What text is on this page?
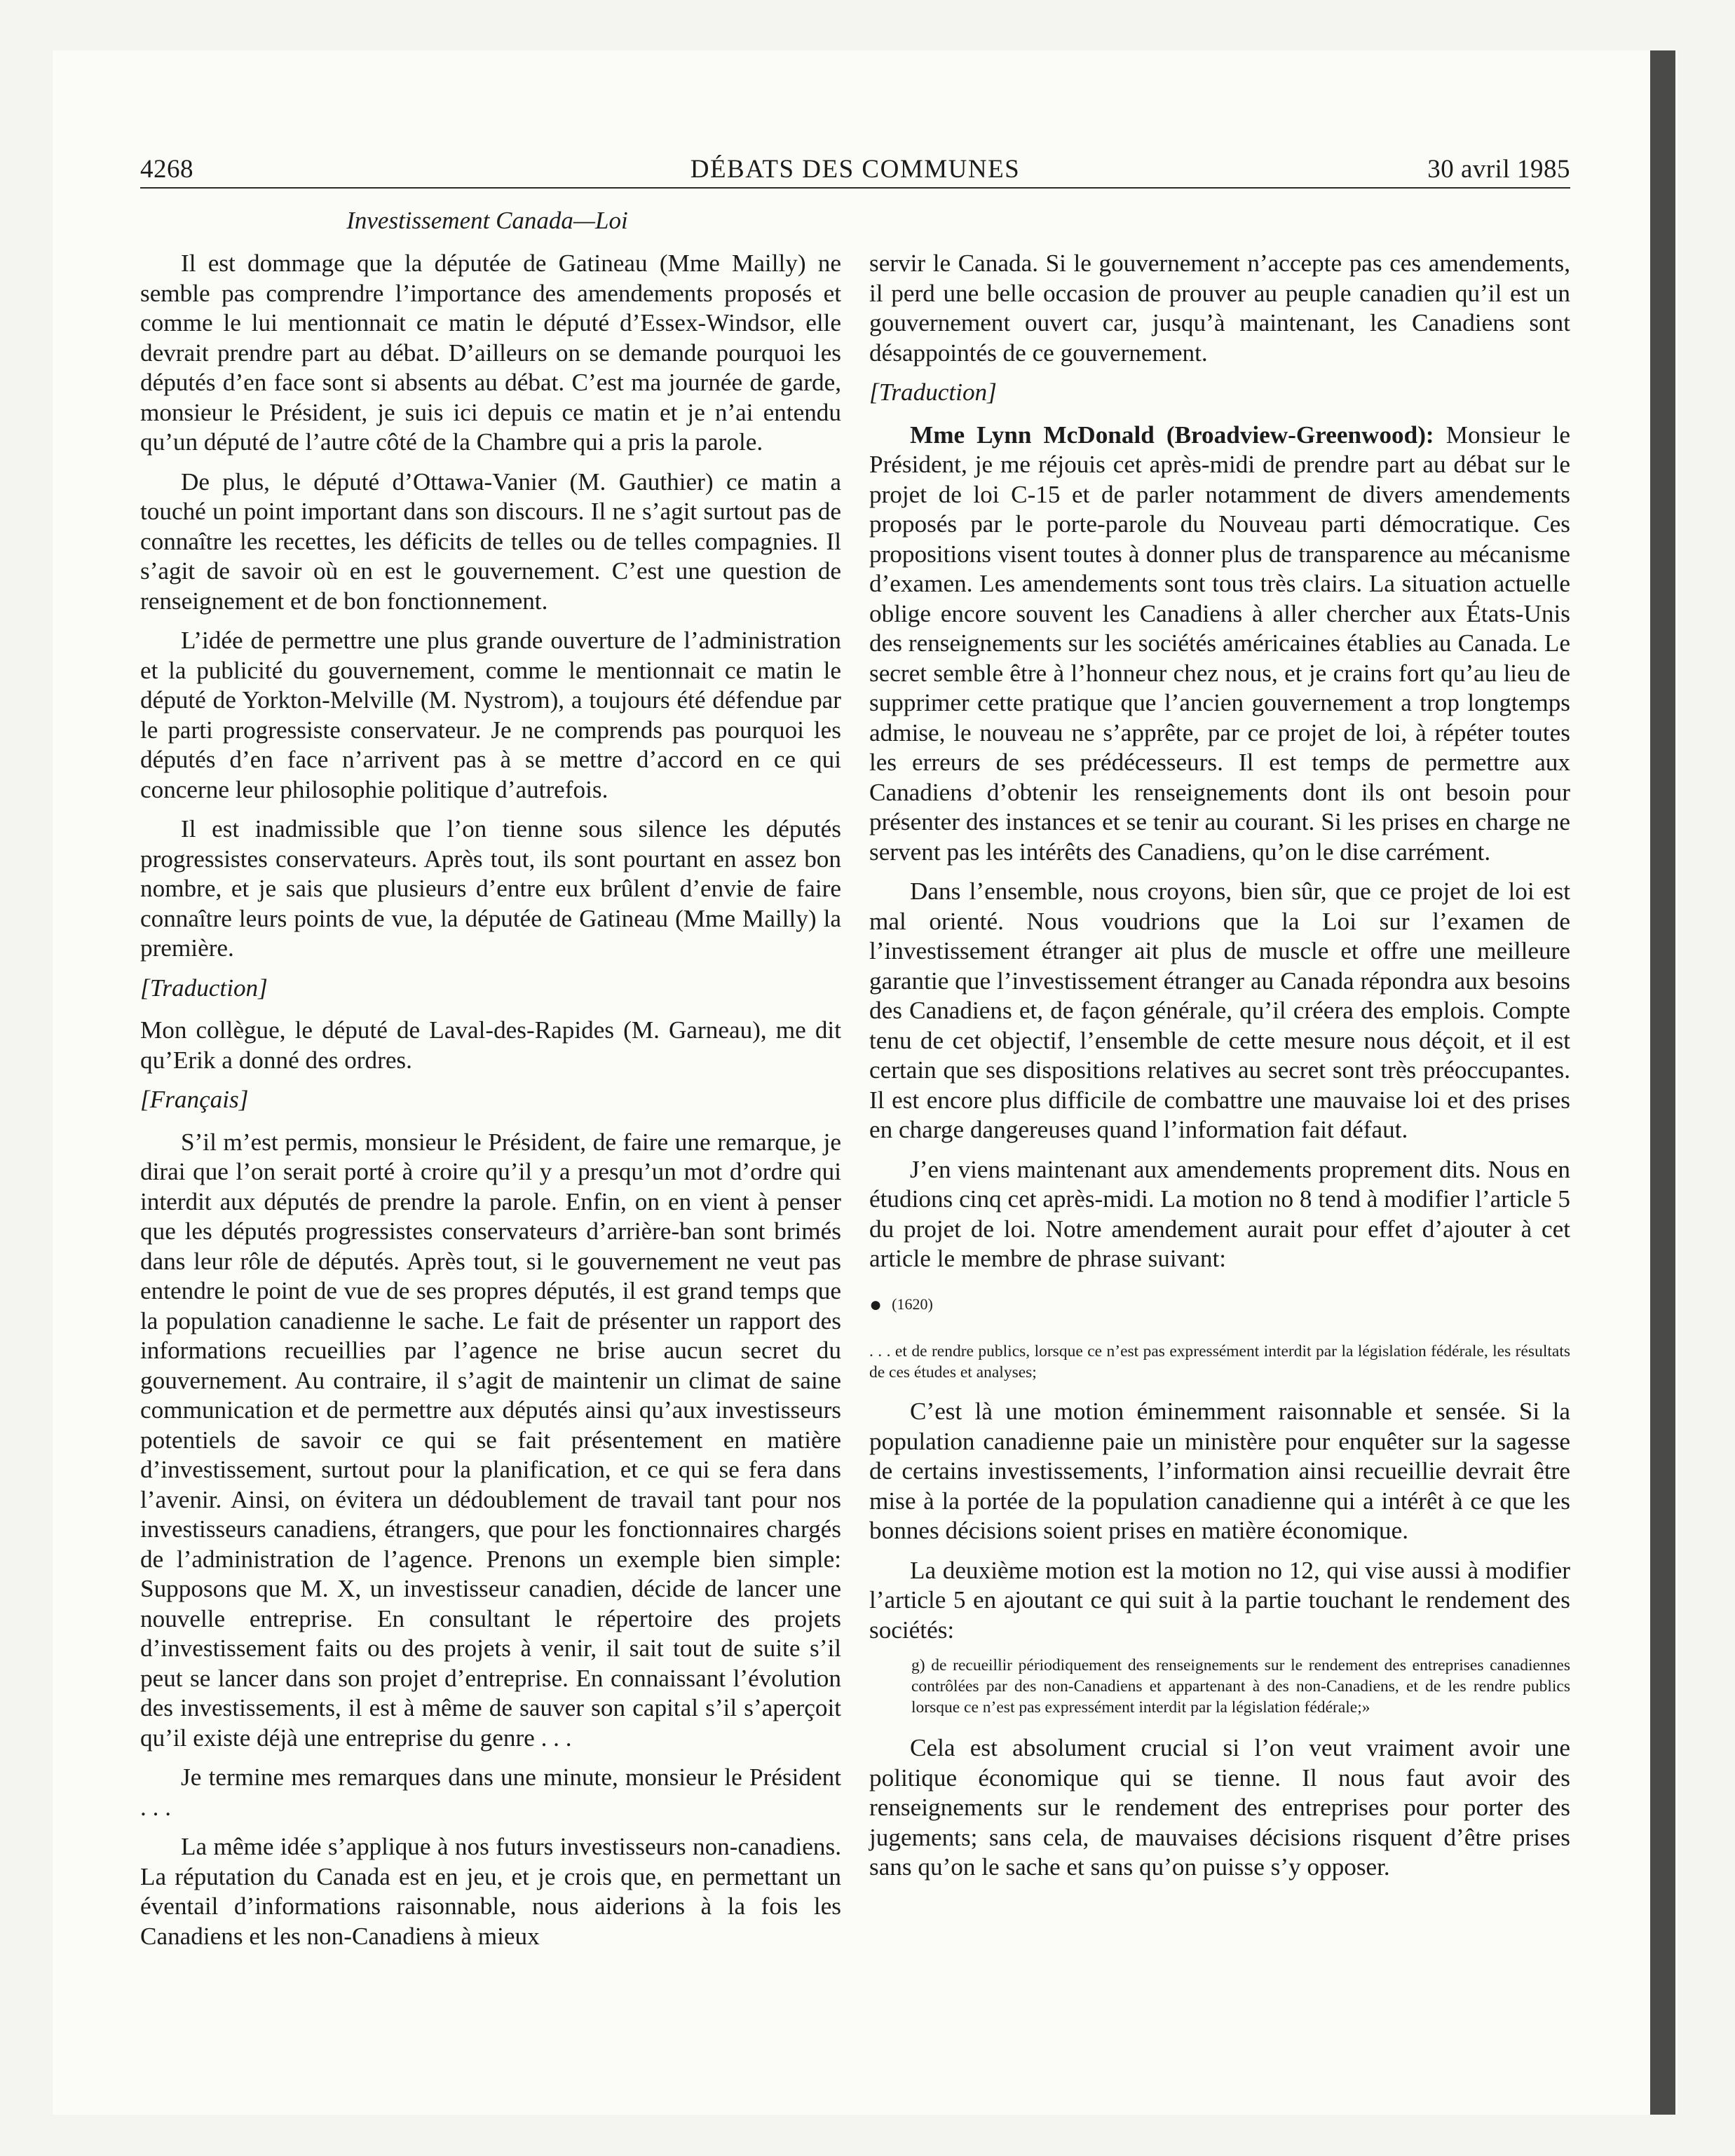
4268	DÉBATS DES COMMUNES	30 avril 1985
Investissement Canada—Loi

Il est dommage que la députée de Gatineau (Mme Mailly) ne semble pas comprendre l’importance des amendements proposés et comme le lui mentionnait ce matin le député d’Essex-Windsor, elle devrait prendre part au débat. D’ailleurs on se demande pourquoi les députés d’en face sont si absents au débat. C’est ma journée de garde, monsieur le Président, je suis ici depuis ce matin et je n’ai entendu qu’un député de l’autre côté de la Chambre qui a pris la parole.

De plus, le député d’Ottawa-Vanier (M. Gauthier) ce matin a touché un point important dans son discours. Il ne s’agit surtout pas de connaître les recettes, les déficits de telles ou de telles compagnies. Il s’agit de savoir où en est le gouvernement. C’est une question de renseignement et de bon fonctionnement.

L’idée de permettre une plus grande ouverture de l’administration et la publicité du gouvernement, comme le mentionnait ce matin le député de Yorkton-Melville (M. Nystrom), a toujours été défendue par le parti progressiste conservateur. Je ne comprends pas pourquoi les députés d’en face n’arrivent pas à se mettre d’accord en ce qui concerne leur philosophie politique d’autrefois.

Il est inadmissible que l’on tienne sous silence les députés progressistes conservateurs. Après tout, ils sont pourtant en assez bon nombre, et je sais que plusieurs d’entre eux brûlent d’envie de faire connaître leurs points de vue, la députée de Gatineau (Mme Mailly) la première.

[Traduction]

Mon collègue, le député de Laval-des-Rapides (M. Garneau), me dit qu’Erik a donné des ordres.

[Français]

S’il m’est permis, monsieur le Président, de faire une remarque, je dirai que l’on serait porté à croire qu’il y a presqu’un mot d’ordre qui interdit aux députés de prendre la parole. Enfin, on en vient à penser que les députés progressistes conservateurs d’arrière-ban sont brimés dans leur rôle de députés. Après tout, si le gouvernement ne veut pas entendre le point de vue de ses propres députés, il est grand temps que la population canadienne le sache. Le fait de présenter un rapport des informations recueillies par l’agence ne brise aucun secret du gouvernement. Au contraire, il s’agit de maintenir un climat de saine communication et de permettre aux députés ainsi qu’aux investisseurs potentiels de savoir ce qui se fait présentement en matière d’investissement, surtout pour la planification, et ce qui se fera dans l’avenir. Ainsi, on évitera un dédoublement de travail tant pour nos investisseurs canadiens, étrangers, que pour les fonctionnaires chargés de l’administration de l’agence. Prenons un exemple bien simple: Supposons que M. X, un investisseur canadien, décide de lancer une nouvelle entreprise. En consultant le répertoire des projets d’investissement faits ou des projets à venir, il sait tout de suite s’il peut se lancer dans son projet d’entreprise. En connaissant l’évolution des investissements, il est à même de sauver son capital s’il s’aperçoit qu’il existe déjà une entreprise du genre . . .

Je termine mes remarques dans une minute, monsieur le Président . . .

La même idée s’applique à nos futurs investisseurs non-canadiens. La réputation du Canada est en jeu, et je crois que, en permettant un éventail d’informations raisonnable, nous aiderions à la fois les Canadiens et les non-Canadiens à mieux

servir le Canada. Si le gouvernement n’accepte pas ces amendements, il perd une belle occasion de prouver au peuple canadien qu’il est un gouvernement ouvert car, jusqu’à maintenant, les Canadiens sont désappointés de ce gouvernement.

[Traduction]

Mme Lynn McDonald (Broadview-Greenwood): Monsieur le Président, je me réjouis cet après-midi de prendre part au débat sur le projet de loi C-15 et de parler notamment de divers amendements proposés par le porte-parole du Nouveau parti démocratique. Ces propositions visent toutes à donner plus de transparence au mécanisme d’examen. Les amendements sont tous très clairs. La situation actuelle oblige encore souvent les Canadiens à aller chercher aux États-Unis des renseignements sur les sociétés américaines établies au Canada. Le secret semble être à l’honneur chez nous, et je crains fort qu’au lieu de supprimer cette pratique que l’ancien gouvernement a trop longtemps admise, le nouveau ne s’apprête, par ce projet de loi, à répéter toutes les erreurs de ses prédécesseurs. Il est temps de permettre aux Canadiens d’obtenir les renseignements dont ils ont besoin pour présenter des instances et se tenir au courant. Si les prises en charge ne servent pas les intérêts des Canadiens, qu’on le dise carrément.

Dans l’ensemble, nous croyons, bien sûr, que ce projet de loi est mal orienté. Nous voudrions que la Loi sur l’examen de l’investissement étranger ait plus de muscle et offre une meilleure garantie que l’investissement étranger au Canada répondra aux besoins des Canadiens et, de façon générale, qu’il créera des emplois. Compte tenu de cet objectif, l’ensemble de cette mesure nous déçoit, et il est certain que ses dispositions relatives au secret sont très préoccupantes. Il est encore plus difficile de combattre une mauvaise loi et des prises en charge dangereuses quand l’information fait défaut.

J’en viens maintenant aux amendements proprement dits. Nous en étudions cinq cet après-midi. La motion no 8 tend à modifier l’article 5 du projet de loi. Notre amendement aurait pour effet d’ajouter à cet article le membre de phrase suivant:

● (1620)

. . . et de rendre publics, lorsque ce n’est pas expressément interdit par la législation fédérale, les résultats de ces études et analyses;

C’est là une motion éminemment raisonnable et sensée. Si la population canadienne paie un ministère pour enquêter sur la sagesse de certains investissements, l’information ainsi recueillie devrait être mise à la portée de la population canadienne qui a intérêt à ce que les bonnes décisions soient prises en matière économique.

La deuxième motion est la motion no 12, qui vise aussi à modifier l’article 5 en ajoutant ce qui suit à la partie touchant le rendement des sociétés:

g) de recueillir périodiquement des renseignements sur le rendement des entreprises canadiennes contrôlées par des non-Canadiens et appartenant à des non-Canadiens, et de les rendre publics lorsque ce n’est pas expressément interdit par la législation fédérale;»

Cela est absolument crucial si l’on veut vraiment avoir une politique économique qui se tienne. Il nous faut avoir des renseignements sur le rendement des entreprises pour porter des jugements; sans cela, de mauvaises décisions risquent d’être prises sans qu’on le sache et sans qu’on puisse s’y opposer.
